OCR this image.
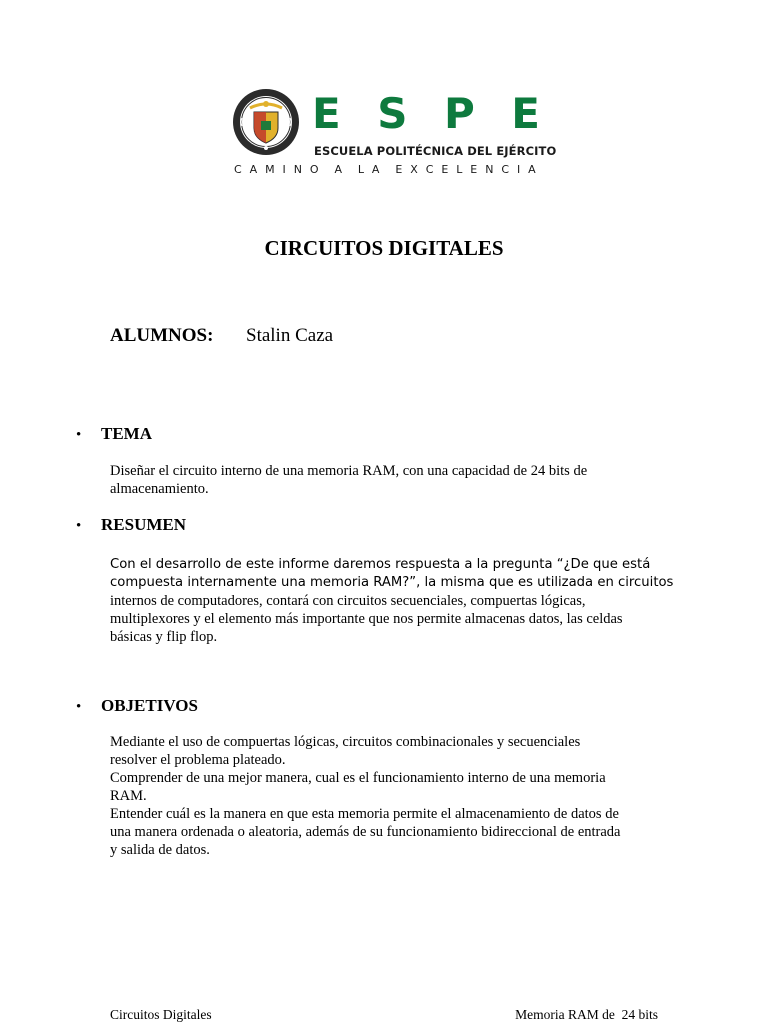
E S P E
ESCUELA POLITÉCNICA DEL EJÉRCITO
C A M I N O A L A E X C E L E N C I A
CIRCUITOS DIGITALES
ALUMNOS: Stalin Caza
• TEMA
Diseñar el circuito interno de una memoria RAM, con una capacidad de 24 bits de
almacenamiento.
• RESUMEN
Con el desarrollo de este informe daremos respuesta a la pregunta “¿De que está
compuesta internamente una memoria RAM?”, la misma que es utilizada en circuitos
internos de computadores, contará con circuitos secuenciales, compuertas lógicas,
multiplexores y el elemento más importante que nos permite almacenas datos, las celdas
básicas y flip flop.
• OBJETIVOS
Mediante el uso de compuertas lógicas, circuitos combinacionales y secuenciales
resolver el problema plateado.
Comprender de una mejor manera, cual es el funcionamiento interno de una memoria
RAM.
Entender cuál es la manera en que esta memoria permite el almacenamiento de datos de
una manera ordenada o aleatoria, además de su funcionamiento bidireccional de entrada
y salida de datos.
Circuitos Digitales	Memoria RAM de  24 bits
